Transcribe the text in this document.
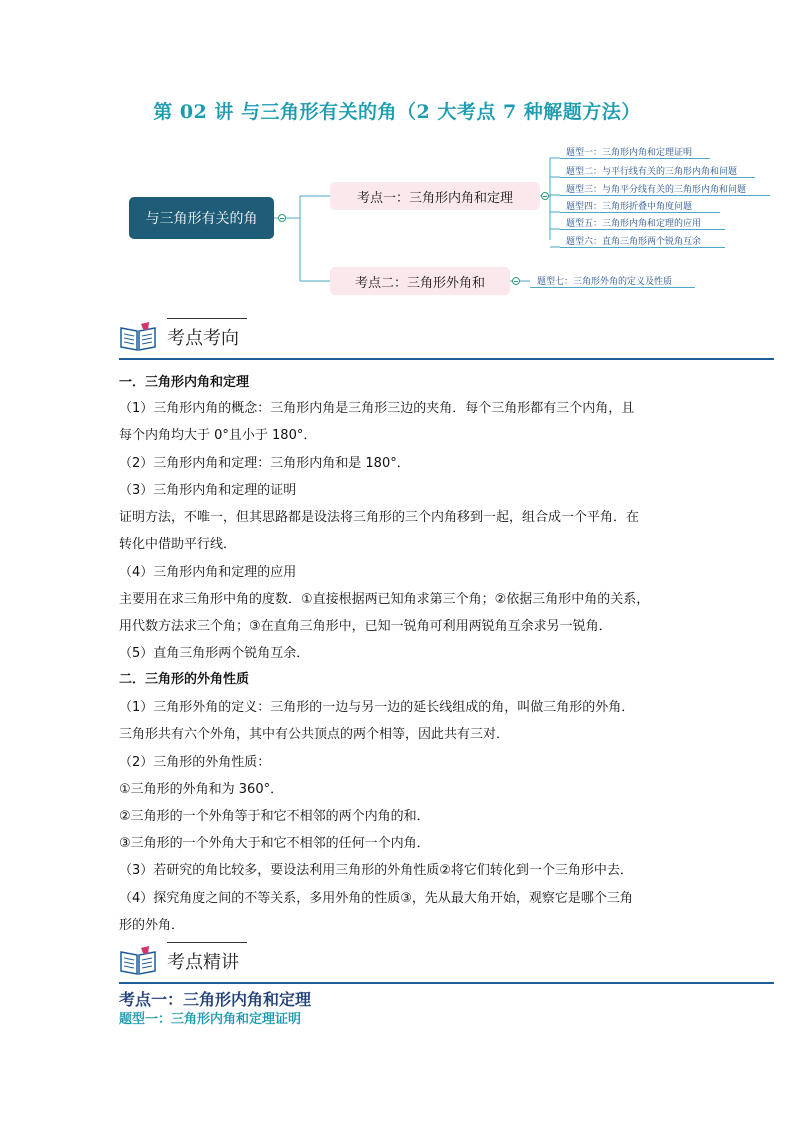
第 02 讲 与三角形有关的角（2 大考点 7 种解题方法）
与三角形有关的角
考点一：三角形内角和定理
考点二：三角形外角和
题型一：三角形内角和定理证明
题型二：与平行线有关的三角形内角和问题
题型三：与角平分线有关的三角形内角和问题
题型四：三角形折叠中角度问题
题型五：三角形内角和定理的应用
题型六：直角三角形两个锐角互余
题型七：三角形外角的定义及性质
考点考向
一．三角形内角和定理
（1）三角形内角的概念：三角形内角是三角形三边的夹角．每个三角形都有三个内角，且
每个内角均大于 0°且小于 180°．
（2）三角形内角和定理：三角形内角和是 180°．
（3）三角形内角和定理的证明
证明方法，不唯一，但其思路都是设法将三角形的三个内角移到一起，组合成一个平角．在
转化中借助平行线．
（4）三角形内角和定理的应用
主要用在求三角形中角的度数．①直接根据两已知角求第三个角；②依据三角形中角的关系，
用代数方法求三个角；③在直角三角形中，已知一锐角可利用两锐角互余求另一锐角．
（5）直角三角形两个锐角互余．
二．三角形的外角性质
（1）三角形外角的定义：三角形的一边与另一边的延长线组成的角，叫做三角形的外角．
三角形共有六个外角，其中有公共顶点的两个相等，因此共有三对．
（2）三角形的外角性质：
①三角形的外角和为 360°．
②三角形的一个外角等于和它不相邻的两个内角的和．
③三角形的一个外角大于和它不相邻的任何一个内角．
（3）若研究的角比较多，要设法利用三角形的外角性质②将它们转化到一个三角形中去．
（4）探究角度之间的不等关系，多用外角的性质③，先从最大角开始，观察它是哪个三角
形的外角．
考点精讲
考点一：三角形内角和定理
题型一：三角形内角和定理证明
